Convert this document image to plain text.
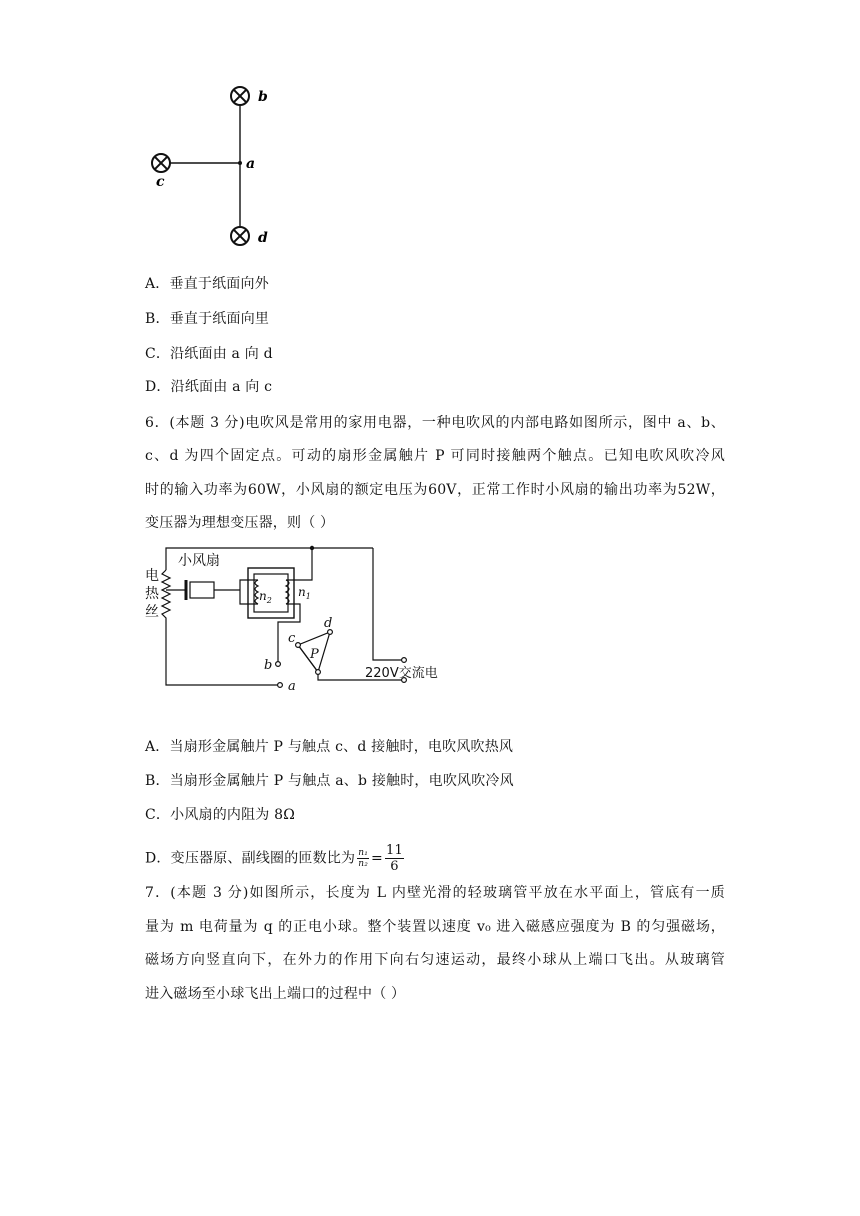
b
a
c
d
A．垂直于纸面向外
B．垂直于纸面向里
C．沿纸面由 a 向 d
D．沿纸面由 a 向 c
6．(本题 3 分)电吹风是常用的家用电器，一种电吹风的内部电路如图所示，图中 a、b、
c、d 为四个固定点。可动的扇形金属触片 P 可同时接触两个触点。已知电吹风吹冷风
时的输入功率为60W，小风扇的额定电压为60V，正常工作时小风扇的输出功率为52W，
变压器为理想变压器，则（ ）
小风扇
电
热
丝
220V交流电
$n_2$
$n_1$
c
d
b
a
P
A．当扇形金属触片 P 与触点 c、d 接触时，电吹风吹热风
B．当扇形金属触片 P 与触点 a、b 接触时，电吹风吹冷风
C．小风扇的内阻为 8Ω
D．变压器原、副线圈的匝数比为 $\frac{\text{n₁}}{\text{n₂}} = \frac{11}{6}$
7．(本题 3 分)如图所示，长度为 L 内壁光滑的轻玻璃管平放在水平面上，管底有一质
量为 m 电荷量为 q 的正电小球。整个装置以速度 v₀ 进入磁感应强度为 B 的匀强磁场，
磁场方向竖直向下，在外力的作用下向右匀速运动，最终小球从上端口飞出。从玻璃管
进入磁场至小球飞出上端口的过程中（ ）
